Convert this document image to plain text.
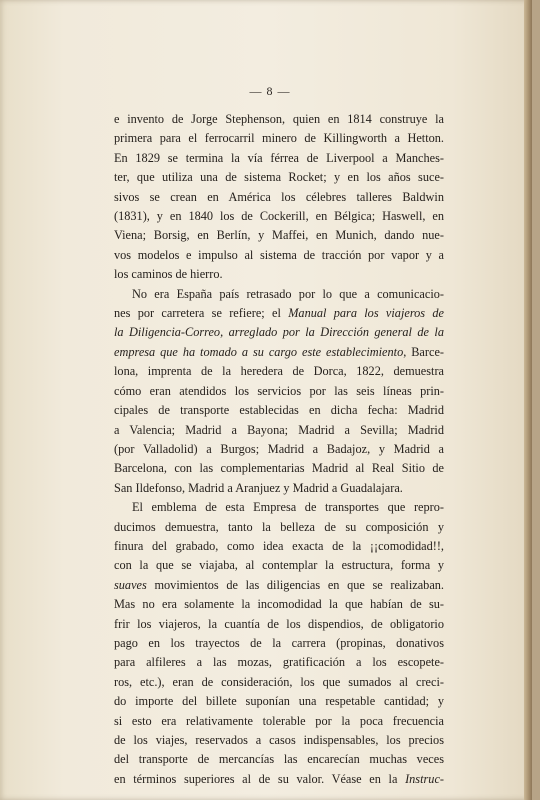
— 8 —
e invento de Jorge Stephenson, quien en 1814 construye la
primera para el ferrocarril minero de Killingworth a Hetton.
En 1829 se termina la vía férrea de Liverpool a Manches-
ter, que utiliza una de sistema Rocket; y en los años suce-
sivos se crean en América los célebres talleres Baldwin
(1831), y en 1840 los de Cockerill, en Bélgica; Haswell, en
Viena; Borsig, en Berlín, y Maffei, en Munich, dando nue-
vos modelos e impulso al sistema de tracción por vapor y a
los caminos de hierro.
No era España país retrasado por lo que a comunicacio-
nes por carretera se refiere; el Manual para los viajeros de
la Diligencia-Correo, arreglado por la Dirección general de la
empresa que ha tomado a su cargo este establecimiento, Barce-
lona, imprenta de la heredera de Dorca, 1822, demuestra
cómo eran atendidos los servicios por las seis líneas prin-
cipales de transporte establecidas en dicha fecha: Madrid
a Valencia; Madrid a Bayona; Madrid a Sevilla; Madrid
(por Valladolid) a Burgos; Madrid a Badajoz, y Madrid a
Barcelona, con las complementarias Madrid al Real Sitio de
San Ildefonso, Madrid a Aranjuez y Madrid a Guadalajara.
El emblema de esta Empresa de transportes que repro-
ducimos demuestra, tanto la belleza de su composición y
finura del grabado, como idea exacta de la ¡¡comodidad!!,
con la que se viajaba, al contemplar la estructura, forma y
suaves movimientos de las diligencias en que se realizaban.
Mas no era solamente la incomodidad la que habían de su-
frir los viajeros, la cuantía de los dispendios, de obligatorio
pago en los trayectos de la carrera (propinas, donativos
para alfileres a las mozas, gratificación a los escopete-
ros, etc.), eran de consideración, los que sumados al creci-
do importe del billete suponían una respetable cantidad; y
si esto era relativamente tolerable por la poca frecuencia
de los viajes, reservados a casos indispensables, los precios
del transporte de mercancías las encarecían muchas veces
en términos superiores al de su valor. Véase en la Instruc-
